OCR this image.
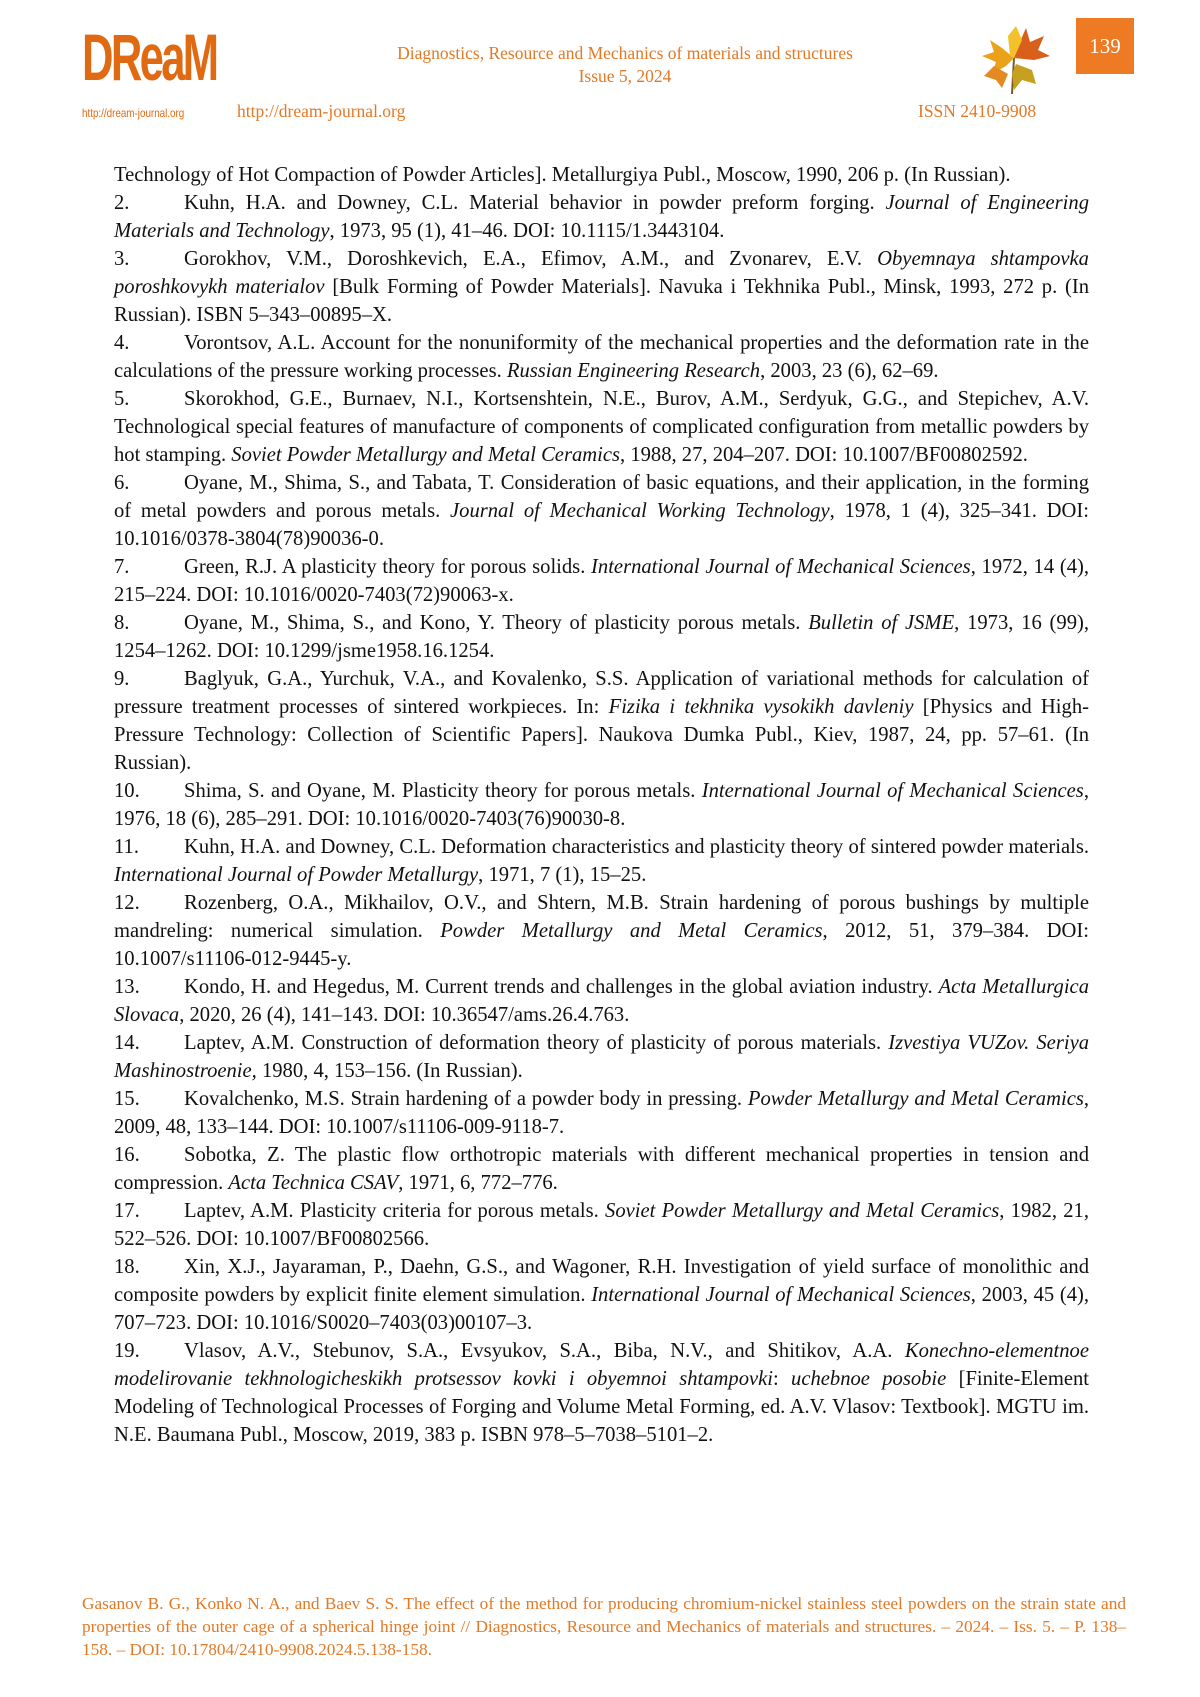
DReaM
http://dream-journal.org
Diagnostics, Resource and Mechanics of materials and structures
Issue 5, 2024
http://dream-journal.org	ISSN 2410-9908
139

Technology of Hot Compaction of Powder Articles]. Metallurgiya Publ., Moscow, 1990, 206 p. (In Russian).

2.	Kuhn, H.A. and Downey, C.L. Material behavior in powder preform forging. Journal of Engineering Materials and Technology, 1973, 95 (1), 41–46. DOI: 10.1115/1.3443104.

3.	Gorokhov, V.M., Doroshkevich, E.A., Efimov, A.M., and Zvonarev, E.V. Obyemnaya shtampovka poroshkovykh materialov [Bulk Forming of Powder Materials]. Navuka i Tekhnika Publ., Minsk, 1993, 272 p. (In Russian). ISBN 5–343–00895–X.

4.	Vorontsov, A.L. Account for the nonuniformity of the mechanical properties and the deformation rate in the calculations of the pressure working processes. Russian Engineering Research, 2003, 23 (6), 62–69.

5.	Skorokhod, G.E., Burnaev, N.I., Kortsenshtein, N.E., Burov, A.M., Serdyuk, G.G., and Stepichev, A.V. Technological special features of manufacture of components of complicated configuration from metallic powders by hot stamping. Soviet Powder Metallurgy and Metal Ceramics, 1988, 27, 204–207. DOI: 10.1007/BF00802592.

6.	Oyane, M., Shima, S., and Tabata, T. Consideration of basic equations, and their application, in the forming of metal powders and porous metals. Journal of Mechanical Working Technology, 1978, 1 (4), 325–341. DOI: 10.1016/0378-3804(78)90036-0.

7.	Green, R.J. A plasticity theory for porous solids. International Journal of Mechanical Sciences, 1972, 14 (4), 215–224. DOI: 10.1016/0020-7403(72)90063-x.

8.	Oyane, M., Shima, S., and Kono, Y. Theory of plasticity porous metals. Bulletin of JSME, 1973, 16 (99), 1254–1262. DOI: 10.1299/jsme1958.16.1254.

9.	Baglyuk, G.A., Yurchuk, V.A., and Kovalenko, S.S. Application of variational methods for calculation of pressure treatment processes of sintered workpieces. In: Fizika i tekhnika vysokikh davleniy [Physics and High-Pressure Technology: Collection of Scientific Papers]. Naukova Dumka Publ., Kiev, 1987, 24, pp. 57–61. (In Russian).

10. Shima, S. and Oyane, M. Plasticity theory for porous metals. International Journal of Mechanical Sciences, 1976, 18 (6), 285–291. DOI: 10.1016/0020-7403(76)90030-8.

11. Kuhn, H.A. and Downey, C.L. Deformation characteristics and plasticity theory of sintered powder materials. International Journal of Powder Metallurgy, 1971, 7 (1), 15–25.

12. Rozenberg, O.A., Mikhailov, O.V., and Shtern, M.B. Strain hardening of porous bushings by multiple mandreling: numerical simulation. Powder Metallurgy and Metal Ceramics, 2012, 51, 379–384. DOI: 10.1007/s11106-012-9445-y.

13. Kondo, H. and Hegedus, M. Current trends and challenges in the global aviation industry. Acta Metallurgica Slovaca, 2020, 26 (4), 141–143. DOI: 10.36547/ams.26.4.763.

14. Laptev, A.M. Construction of deformation theory of plasticity of porous materials. Izvestiya VUZov. Seriya Mashinostroenie, 1980, 4, 153–156. (In Russian).

15. Kovalchenko, M.S. Strain hardening of a powder body in pressing. Powder Metallurgy and Metal Ceramics, 2009, 48, 133–144. DOI: 10.1007/s11106-009-9118-7.

16. Sobotka, Z. The plastic flow orthotropic materials with different mechanical properties in tension and compression. Acta Technica CSAV, 1971, 6, 772–776.

17. Laptev, A.M. Plasticity criteria for porous metals. Soviet Powder Metallurgy and Metal Ceramics, 1982, 21, 522–526. DOI: 10.1007/BF00802566.

18. Xin, X.J., Jayaraman, P., Daehn, G.S., and Wagoner, R.H. Investigation of yield surface of monolithic and composite powders by explicit finite element simulation. International Journal of Mechanical Sciences, 2003, 45 (4), 707–723. DOI: 10.1016/S0020–7403(03)00107–3.

19. Vlasov, A.V., Stebunov, S.A., Evsyukov, S.A., Biba, N.V., and Shitikov, A.A. Konechno-elementnoe modelirovanie tekhnologicheskikh protsessov kovki i obyemnoi shtampovki: uchebnoe posobie [Finite-Element Modeling of Technological Processes of Forging and Volume Metal Forming, ed. A.V. Vlasov: Textbook]. MGTU im. N.E. Baumana Publ., Moscow, 2019, 383 p. ISBN 978–5–7038–5101–2.

Gasanov B. G., Konko N. A., and Baev S. S. The effect of the method for producing chromium-nickel stainless steel powders on the strain state and properties of the outer cage of a spherical hinge joint // Diagnostics, Resource and Mechanics of materials and structures. – 2024. – Iss. 5. – P. 138–158. – DOI: 10.17804/2410-9908.2024.5.138-158.
